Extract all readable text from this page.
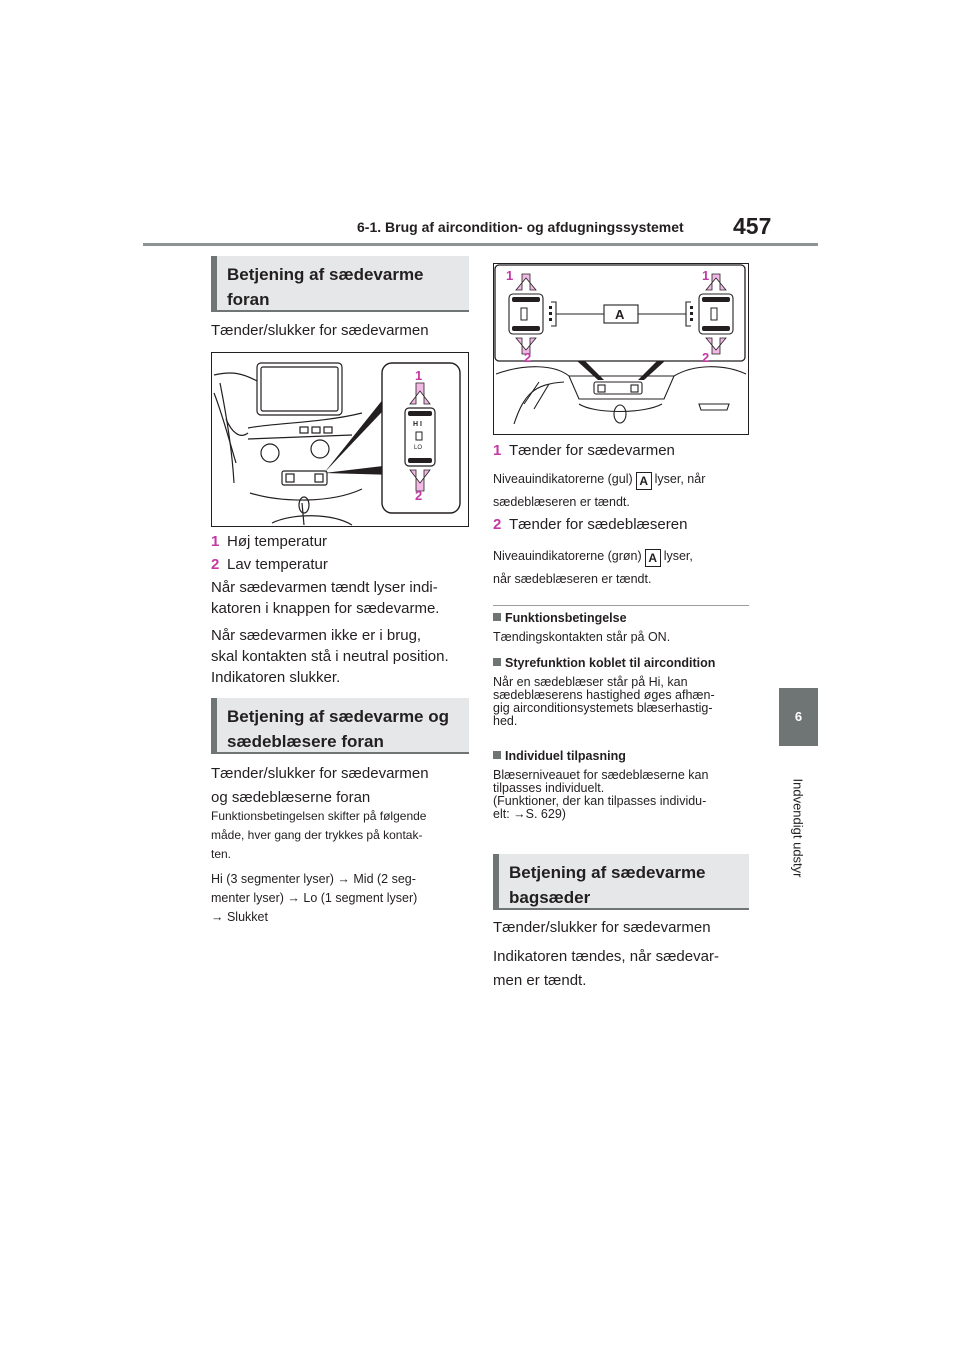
6-1. Brug af aircondition- og afdugningssystemet 457
6
Indvendigt udstyr
Betjening af sædevarme
foran
Tænder/slukker for sædevarmen
H I
LO
1
2
1 Høj temperatur
2 Lav temperatur
Når sædevarmen tændt lyser indi-
katoren i knappen for sædevarme.
Når sædevarmen ikke er i brug,
skal kontakten stå i neutral position.
Indikatoren slukker.
Betjening af sædevarme og
sædeblæsere foran
Tænder/slukker for sædevarmen
og sædeblæserne foran
Funktionsbetingelsen skifter på følgende
måde, hver gang der trykkes på kontak-
ten.
Hi (3 segmenter lyser) → Mid (2 seg-
menter lyser) → Lo (1 segment lyser)
→ Slukket
A
1	1
2	2
1 Tænder for sædevarmen
Niveauindikatorerne (gul) A lyser, når
sædeblæseren er tændt.
2 Tænder for sædeblæseren
Niveauindikatorerne (grøn) A lyser,
når sædeblæseren er tændt.
Funktionsbetingelse
Tændingskontakten står på ON.
Styrefunktion koblet til aircondition
Når en sædeblæser står på Hi, kan
sædeblæserens hastighed øges afhæn-
gig airconditionsystemets blæserhastig-
hed.
Individuel tilpasning
Blæserniveauet for sædeblæserne kan
tilpasses individuelt.
(Funktioner, der kan tilpasses individu-
elt: →S. 629)
Betjening af sædevarme
bagsæder
Tænder/slukker for sædevarmen
Indikatoren tændes, når sædevar-
men er tændt.
